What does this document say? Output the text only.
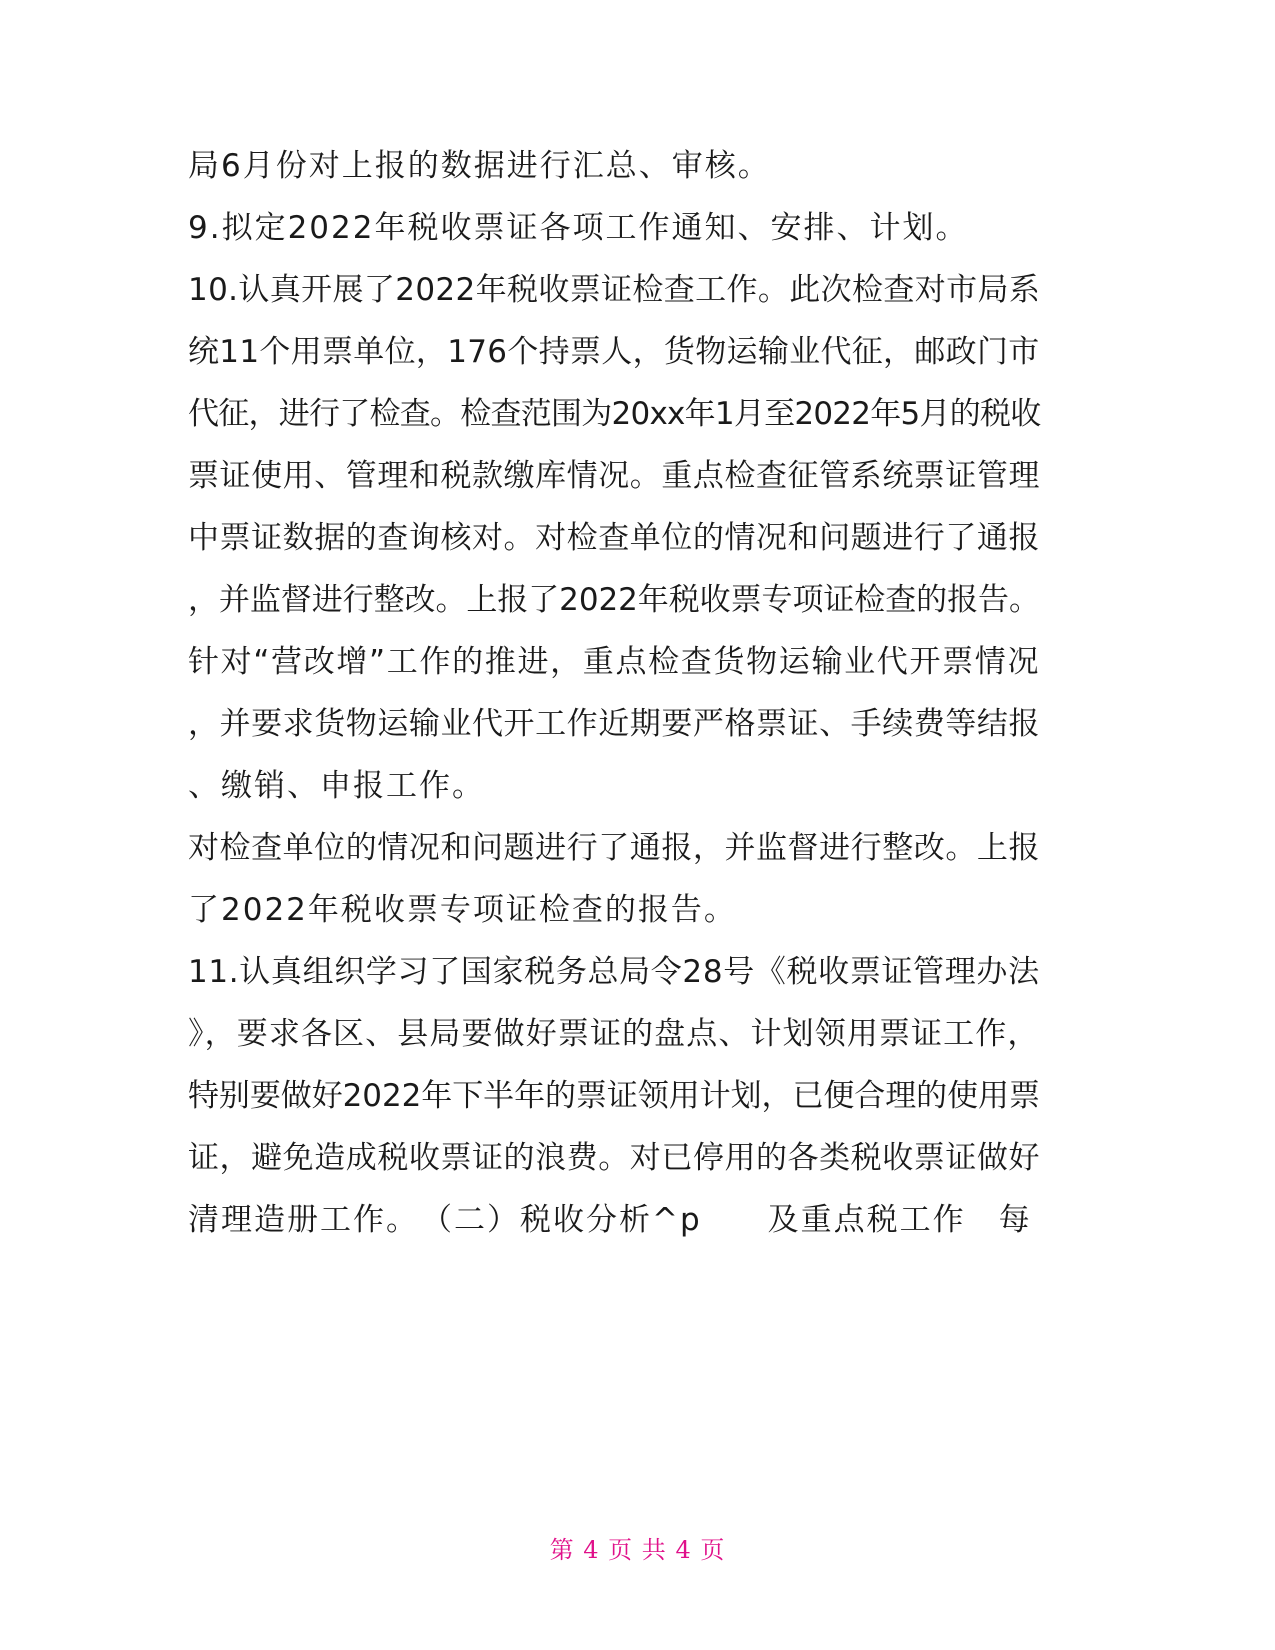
局6月份对上报的数据进行汇总、审核。
9.拟定2022年税收票证各项工作通知、安排、计划。
10.认真开展了2022年税收票证检查工作。此次检查对市局系
统11个用票单位，176个持票人，货物运输业代征，邮政门市
代征，进行了检查。检查范围为20xx年1月至2022年5月的税收
票证使用、管理和税款缴库情况。重点检查征管系统票证管理
中票证数据的查询核对。对检查单位的情况和问题进行了通报
，并监督进行整改。上报了2022年税收票专项证检查的报告。
针对“营改增”工作的推进，重点检查货物运输业代开票情况
，并要求货物运输业代开工作近期要严格票证、手续费等结报
、缴销、申报工作。
对检查单位的情况和问题进行了通报，并监督进行整改。上报
了2022年税收票专项证检查的报告。
11.认真组织学习了国家税务总局令28号《税收票证管理办法
》，要求各区、县局要做好票证的盘点、计划领用票证工作，
特别要做好2022年下半年的票证领用计划，已便合理的使用票
证，避免造成税收票证的浪费。对已停用的各类税收票证做好
清理造册工作。　（二）税收分析^p　　及重点税工作　每
第 4 页 共 4 页
